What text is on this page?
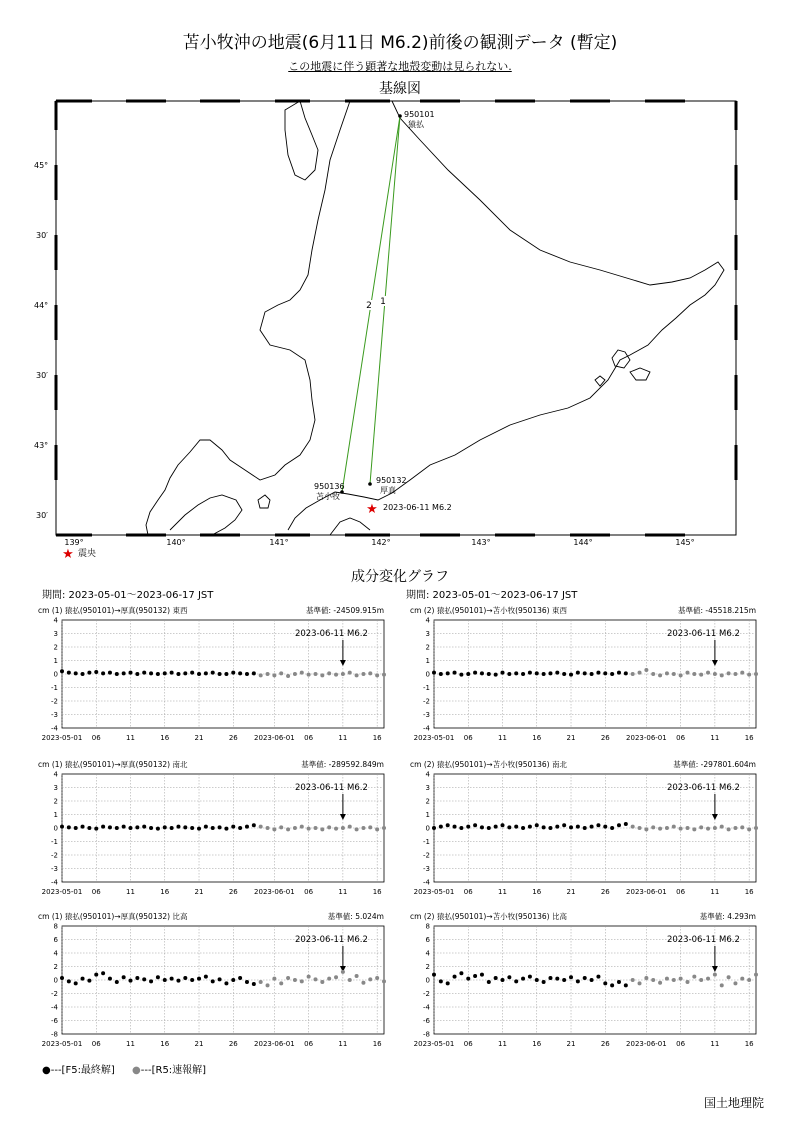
苫小牧沖の地震(6月11日 M6.2)前後の観測データ (暫定)
この地震に伴う顕著な地殻変動は見られない.
基線図
45°
30′
44°
30′
43°
30′
139°	140°	141°	142°	143°	144°	145°
1
2
950101
猿払
950132
厚真
950136
苫小牧
★ 2023-06-11 M6.2
★ 震央
cm (1) 猿払(950101)→厚真(950132) 東西	基準値: -24509.915m
4
3
2
1
0
-1
-2
-3
-4
2023-05-01 06	11	16	21	26 2023-06-01 06	11	16
2023-06-11 M6.2
cm (2) 猿払(950101)→苫小牧(950136) 東西	基準値: -45518.215m
4
3
2
1
0
-1
-2
-3
-4
2023-05-01 06	11	16	21	26 2023-06-01 06	11	16
2023-06-11 M6.2
cm (1) 猿払(950101)→厚真(950132) 南北	基準値: -289592.849m
4
3
2
1
0
-1
-2
-3
-4
2023-05-01 06	11	16	21	26 2023-06-01 06	11	16
2023-06-11 M6.2
cm (2) 猿払(950101)→苫小牧(950136) 南北	基準値: -297801.604m
4
3
2
1
0
-1
-2
-3
-4
2023-05-01 06	11	16	21	26 2023-06-01 06	11	16
2023-06-11 M6.2
cm (1) 猿払(950101)→厚真(950132) 比高	基準値: 5.024m
8
6
4
2
0
-2
-4
-6
-8
2023-05-01 06	11	16	21	26 2023-06-01 06	11	16
2023-06-11 M6.2
cm (2) 猿払(950101)→苫小牧(950136) 比高	基準値: 4.293m
8
6
4
2
0
-2
-4
-6
-8
2023-05-01 06	11	16	21	26 2023-06-01 06	11	16
2023-06-11 M6.2
成分変化グラフ
期間: 2023-05-01～2023-06-17 JST	期間: 2023-05-01～2023-06-17 JST
●---[F5:最終解] ●---[R5:速報解]
国土地理院
